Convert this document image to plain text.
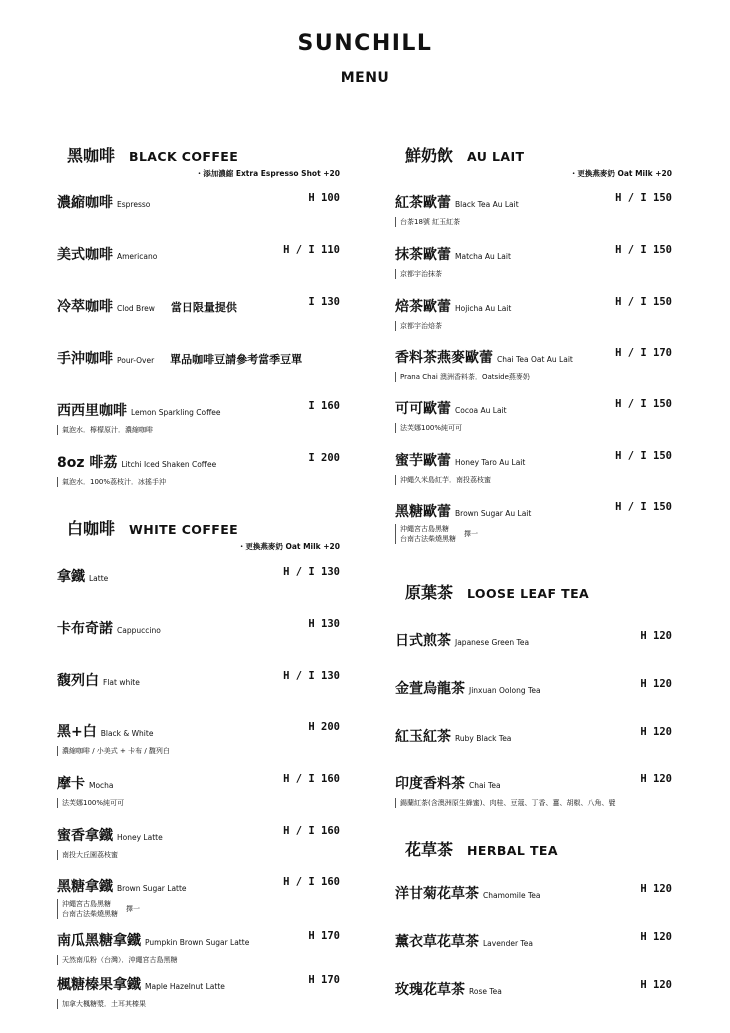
SUNCHILL
MENU
黑咖啡 BLACK COFFEE
・添加濃縮 Extra Espresso Shot +20
濃縮咖啡 Espresso
H 100
美式咖啡 Americano
H / I 110
冷萃咖啡 Clod Brew 當日限量提供	I 130
手沖咖啡 Pour-Over 單品咖啡豆請參考當季豆單
西西里咖啡 Lemon Sparkling Coffee
I 160
氣泡水．檸檬原汁．濃縮咖啡
8oz 啡荔 Litchi Iced Shaken Coffee
I 200
氣泡水．100%荔枝汁．冰搖手沖
白咖啡 WHITE COFFEE
・更換燕麥奶 Oat Milk +20
拿鐵 Latte
H / I 130
卡布奇諾 Cappuccino
H 130
馥列白 Flat white
H / I 130
黑+白 Black & White
H 200
濃縮咖啡 / 小美式 + 卡布 / 馥列白
摩卡 Mocha
H / I 160
法芙娜100%純可可
蜜香拿鐵 Honey Latte
H / I 160
南投大丘園荔枝蜜
黑糖拿鐵 Brown Sugar Latte
H / I 160
沖繩宮古島黑糖
台南古法柴燒黑糖
擇一
南瓜黑糖拿鐵 Pumpkin Brown Sugar Latte
H 170
天然南瓜粉（台灣）．沖繩宮古島黑糖
楓糖榛果拿鐵 Maple Hazelnut Latte
H 170
加拿大楓糖漿．土耳其榛果
鮮奶飲 AU LAIT
・更換燕麥奶 Oat Milk +20
紅茶歐蕾 Black Tea Au Lait
H / I 150
台茶18號 紅玉紅茶
抹茶歐蕾 Matcha Au Lait
H / I 150
京都宇治抹茶
焙茶歐蕾 Hojicha Au Lait
H / I 150
京都宇治焙茶
香料茶燕麥歐蕾 Chai Tea Oat Au Lait
H / I 170
Prana Chai 澳洲香料茶．Oatside燕麥奶
可可歐蕾 Cocoa Au Lait
H / I 150
法芙娜100%純可可
蜜芋歐蕾 Honey Taro Au Lait
H / I 150
沖繩久米島紅芋．南投荔枝蜜
黑糖歐蕾 Brown Sugar Au Lait
H / I 150
沖繩宮古島黑糖
台南古法柴燒黑糖
擇一
原葉茶 LOOSE LEAF TEA
日式煎茶 Japanese Green Tea
H 120
金萱烏龍茶 Jinxuan Oolong Tea
H 120
紅玉紅茶 Ruby Black Tea
H 120
印度香料茶 Chai Tea
H 120
錫蘭紅茶(含澳洲原生蜂蜜)、肉桂、豆蔻、丁香、薑、胡椒、八角、甓
花草茶 HERBAL TEA
洋甘菊花草茶 Chamomile Tea
H 120
薰衣草花草茶 Lavender Tea
H 120
玫瑰花草茶 Rose Tea
H 120
